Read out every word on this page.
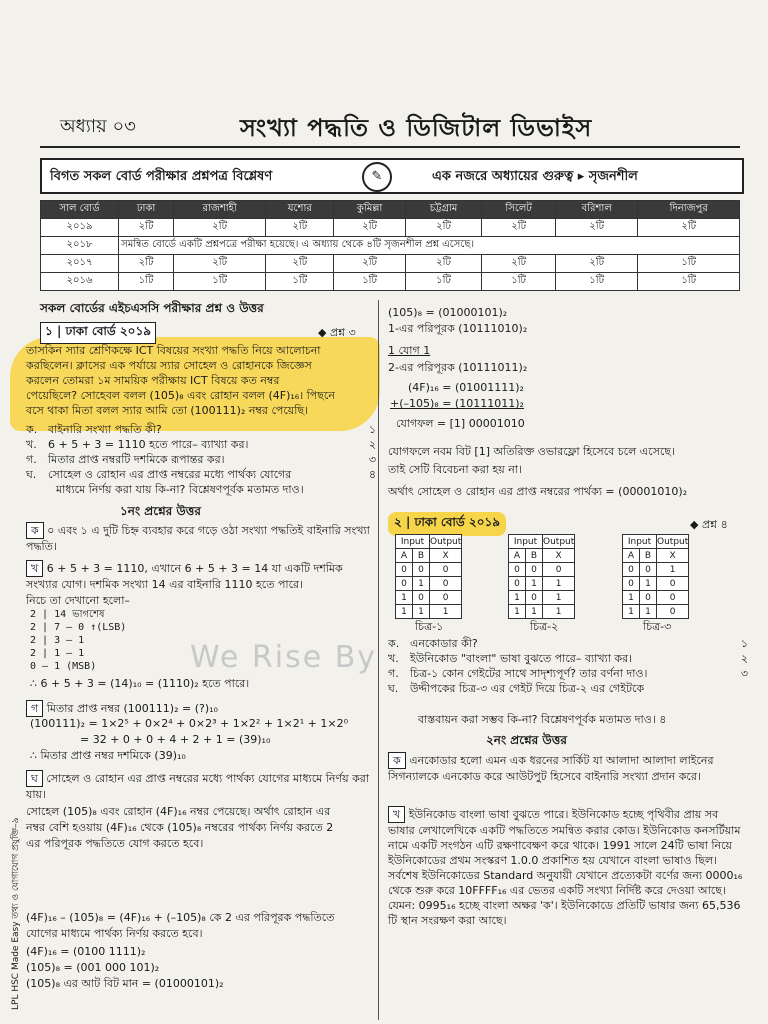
অধ্যায় ০৩	সংখ্যা পদ্ধতি ও ডিজিটাল ডিভাইস
বিগত সকল বোর্ড পরীক্ষার প্রশ্নপত্র বিশ্লেষণ	✎	এক নজরে অধ্যায়ের গুরুত্ব ▸ সৃজনশীল
সাল বোর্ড	ঢাকা	রাজশাহী	যশোর	কুমিল্লা	চট্টগ্রাম	সিলেট	বরিশাল	দিনাজপুর
২০১৯	২টি	২টি	২টি	২টি	২টি	২টি	২টি	২টি
২০১৮	সমন্বিত বোর্ডে একটি প্রশ্নপত্রে পরীক্ষা হয়েছে। এ অধ্যায় থেকে ৪টি সৃজনশীল প্রশ্ন এসেছে।							
২০১৭	২টি	২টি	২টি	২টি	২টি	২টি	২টি	১টি
২০১৬	১টি	১টি	১টি	১টি	১টি	১টি	১টি	১টি
সকল বোর্ডের এইচএসসি পরীক্ষার প্রশ্ন ও উত্তর
১ | ঢাকা বোর্ড ২০১৯	◆ প্রশ্ন ৩
তাসকিন স্যার শ্রেণিকক্ষে ICT বিষয়ের সংখ্যা পদ্ধতি নিয়ে আলোচনা
করছিলেন। ক্লাসের এক পর্যায়ে স্যার সোহেল ও রোহানকে জিজ্ঞেস
করলেন তোমরা ১ম সাময়িক পরীক্ষায় ICT বিষয়ে কত নম্বর
পেয়েছিলে? সোহেবল বলল (105)₈ এবং রোহান বলল (4F)₁₆। পিছনে
বসে থাকা মিতা বলল স্যার আমি তো (100111)₂ নম্বর পেয়েছি।
ক. বাইনারি সংখ্যা পদ্ধতি কী?	১
খ.	6 + 5 + 3 = 1110 হতে পারে– ব্যাখ্যা কর।	২
গ.	মিতার প্রাপ্ত নম্বরটি দশমিকে রূপান্তর কর।	৩
ঘ.	সোহেল ও রোহান এর প্রাপ্ত নম্বরের মধ্যে পার্থক্য যোগের	৪
মাধ্যমে নির্ণয় করা যায় কি-না? বিশ্লেষণপূর্বক মতামত দাও।
১নং প্রশ্নের উত্তর
ক ০ এবং ১ এ দুটি চিহ্ন ব্যবহার করে গড়ে ওঠা সংখ্যা পদ্ধতিই বাইনারি সংখ্যা পদ্ধতি।
খ 6 + 5 + 3 = 1110, এখানে 6 + 5 + 3 = 14 যা একটি দশমিক সংখ্যার যোগ। দশমিক সংখ্যা 14 এর বাইনারি 1110 হতে পারে।
নিচে তা দেখানো হলো–
2 | 14 ভাগশেষ
2 | 7 – 0 ↑(LSB)
2 | 3 – 1
2 | 1 – 1
0 – 1 (MSB)
∴ 6 + 5 + 3 = (14)₁₀ = (1110)₂ হতে পারে।
গ মিতার প্রাপ্ত নম্বর (100111)₂ = (?)₁₀
(100111)₂ = 1×2⁵ + 0×2⁴ + 0×2³ + 1×2² + 1×2¹ + 1×2⁰
= 32 + 0 + 0 + 4 + 2 + 1 = (39)₁₀
∴ মিতার প্রাপ্ত নম্বর দশমিকে (39)₁₀
ঘ সোহেল ও রোহান এর প্রাপ্ত নম্বরের মধ্যে পার্থক্য যোগের মাধ্যমে নির্ণয় করা যায়।
সোহেল (105)₈ এবং রোহান (4F)₁₆ নম্বর পেয়েছে। অর্থাৎ রোহান এর
নম্বর বেশি হওয়ায় (4F)₁₆ থেকে (105)₈ নম্বরের পার্থক্য নির্ণয় করতে 2
এর পরিপূরক পদ্ধতিতে যোগ করতে হবে।
(4F)₁₆ – (105)₈ = (4F)₁₆ + (–105)₈ কে 2 এর পরিপূরক পদ্ধতিতে
যোগের মাধ্যমে পার্থক্য নির্ণয় করতে হবে।
(4F)₁₆ = (0100 1111)₂
(105)₈ = (001 000 101)₂
(105)₈ এর আট বিট মান = (01000101)₂
LPL HSC Made Easy তথ্য ও যোগাযোগ প্রযুক্তি–৯
We Rise By
(105)₈ = (01000101)₂
1-এর পরিপূরক (10111010)₂
1 যোগ 1
2-এর পরিপূরক (10111011)₂
(4F)₁₆ = (01001111)₂
+(–105)₈ = (10111011)₂
যোগফল = [1] 00001010
যোগফলে নবম বিট [1] অতিরিক্ত ওভারফ্লো হিসেবে চলে এসেছে।
তাই সেটি বিবেচনা করা হয় না।
অর্থাৎ সোহেল ও রোহান এর প্রাপ্ত নম্বরের পার্থক্য = (00001010)₂
২ | ঢাকা বোর্ড ২০১৯	◆ প্রশ্ন ৪
Input		Output
A	B	X
0	0	0
0	1	0
1	0	0
1	1	1
Input		Output
A	B	X
0	0	0
0	1	1
1	0	1
1	1	1
Input		Output
A	B	X
0	0	1
0	1	0
1	0	0
1	1	0
চিত্র-১	চিত্র-২	চিত্র-৩
ক. এনকোডার কী?	১
খ.	ইউনিকোড "বাংলা" ভাষা বুঝতে পারে– ব্যাখ্যা কর।	২
গ.	চিত্র-১ কোন গেইটের সাথে সাদৃশ্যপূর্ণ? তার বর্ণনা দাও।	৩
ঘ.	উদ্দীপকের চিত্র-৩ এর গেইট দিয়ে চিত্র-২ এর গেইটকে
বাস্তবায়ন করা সম্ভব কি-না? বিশ্লেষণপূর্বক মতামত দাও। ৪
২নং প্রশ্নের উত্তর
ক এনকোডার হলো এমন এক ধরনের সার্কিট যা আলাদা আলাদা লাইনের সিগন্যালকে এনকোড করে আউটপুট হিসেবে বাইনারি সংখ্যা প্রদান করে।
খ ইউনিকোড বাংলা ভাষা বুঝতে পারে। ইউনিকোড হচ্ছে পৃথিবীর প্রায় সব ভাষার লেখালেখিকে একটি পদ্ধতিতে সমন্বিত করার কোড। ইউনিকোড কনসর্টিয়াম নামে একটি সংগঠন এটি রক্ষণাবেক্ষণ করে থাকে। 1991 সালে 24টি ভাষা নিয়ে ইউনিকোডের প্রথম সংস্করণ 1.0.0 প্রকাশিত হয় যেখানে বাংলা ভাষাও ছিল। সর্বশেষ ইউনিকোডের Standard অনুযায়ী যেখানে প্রত্যেকটা বর্ণের জন্য 0000₁₆ থেকে শুরু করে 10FFFF₁₆ এর ভেতর একটি সংখ্যা নির্দিষ্ট করে দেওয়া আছে। যেমন: 0995₁₆ হচ্ছে বাংলা অক্ষর 'ক'। ইউনিকোডে প্রতিটি ভাষার জন্য 65,536 টি স্থান সংরক্ষণ করা আছে।
